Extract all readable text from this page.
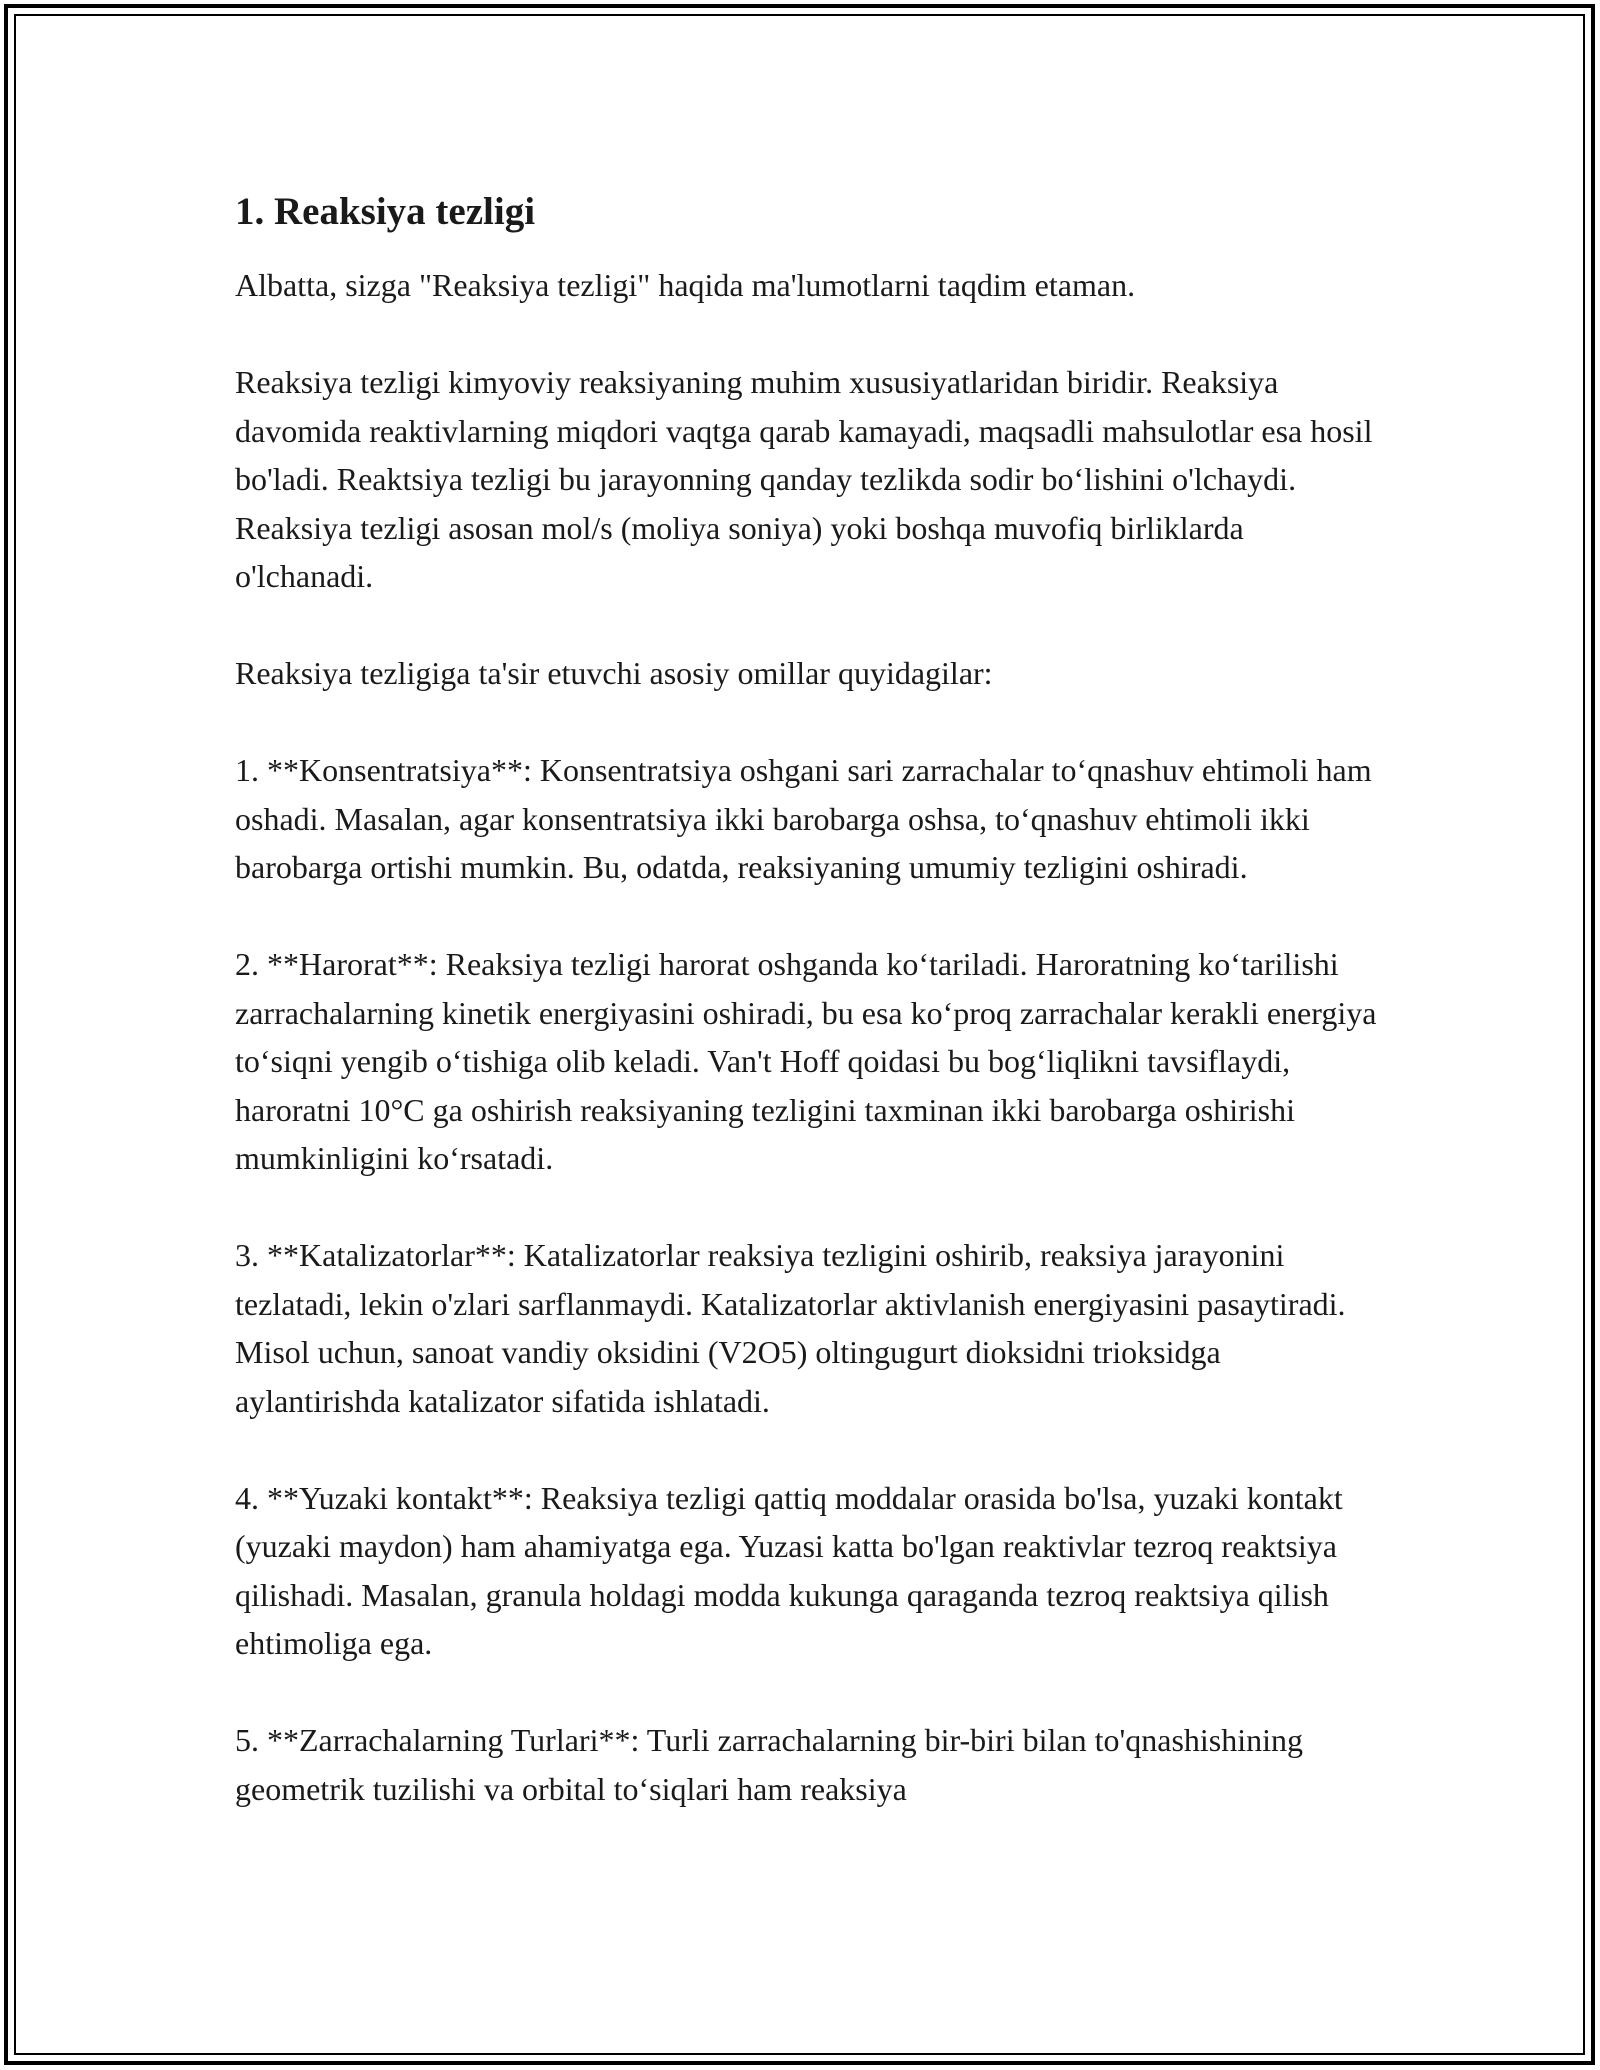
1. Reaksiya tezligi

Albatta, sizga "Reaksiya tezligi" haqida ma'lumotlarni taqdim etaman.

Reaksiya tezligi kimyoviy reaksiyaning muhim xususiyatlaridan biridir. Reaksiya davomida reaktivlarning miqdori vaqtga qarab kamayadi, maqsadli mahsulotlar esa hosil bo'ladi. Reaktsiya tezligi bu jarayonning qanday tezlikda sodir bo‘lishini o'lchaydi. Reaksiya tezligi asosan mol/s (moliya soniya) yoki boshqa muvofiq birliklarda o'lchanadi.

Reaksiya tezligiga ta'sir etuvchi asosiy omillar quyidagilar:

1. **Konsentratsiya**: Konsentratsiya oshgani sari zarrachalar to‘qnashuv ehtimoli ham oshadi. Masalan, agar konsentratsiya ikki barobarga oshsa, to‘qnashuv ehtimoli ikki barobarga ortishi mumkin. Bu, odatda, reaksiyaning umumiy tezligini oshiradi.

2. **Harorat**: Reaksiya tezligi harorat oshganda ko‘tariladi. Haroratning ko‘tarilishi zarrachalarning kinetik energiyasini oshiradi, bu esa ko‘proq zarrachalar kerakli energiya to‘siqni yengib o‘tishiga olib keladi. Van't Hoff qoidasi bu bog‘liqlikni tavsiflaydi, haroratni 10°C ga oshirish reaksiyaning tezligini taxminan ikki barobarga oshirishi mumkinligini ko‘rsatadi.

3. **Katalizatorlar**: Katalizatorlar reaksiya tezligini oshirib, reaksiya jarayonini tezlatadi, lekin o'zlari sarflanmaydi. Katalizatorlar aktivlanish energiyasini pasaytiradi. Misol uchun, sanoat vandiy oksidini (V2O5) oltingugurt dioksidni trioksidga aylantirishda katalizator sifatida ishlatadi.

4. **Yuzaki kontakt**: Reaksiya tezligi qattiq moddalar orasida bo'lsa, yuzaki kontakt (yuzaki maydon) ham ahamiyatga ega. Yuzasi katta bo'lgan reaktivlar tezroq reaktsiya qilishadi. Masalan, granula holdagi modda kukunga qaraganda tezroq reaktsiya qilish ehtimoliga ega.

5. **Zarrachalarning Turlari**: Turli zarrachalarning bir-biri bilan to'qnashishining geometrik tuzilishi va orbital to‘siqlari ham reaksiya
